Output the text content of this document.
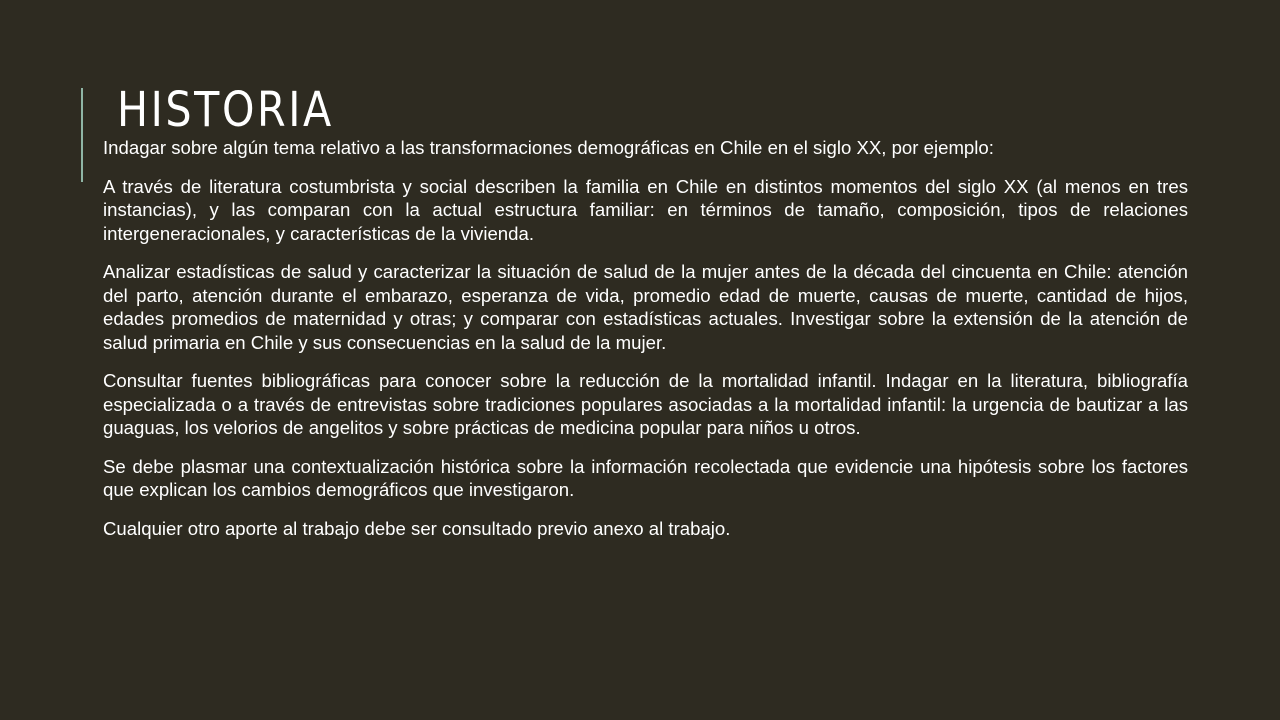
HISTORIA

Indagar sobre algún tema relativo a las transformaciones demográficas en Chile en el siglo XX, por ejemplo:

A través de literatura costumbrista y social describen la familia en Chile en distintos momentos del siglo XX (al menos en tres instancias), y las comparan con la actual estructura familiar: en términos de tamaño, composición, tipos de relaciones intergeneracionales, y características de la vivienda.

Analizar estadísticas de salud y caracterizar la situación de salud de la mujer antes de la década del cincuenta en Chile: atención del parto, atención durante el embarazo, esperanza de vida, promedio edad de muerte, causas de muerte, cantidad de hijos, edades promedios de maternidad y otras; y comparar con estadísticas actuales. Investigar sobre la extensión de la atención de salud primaria en Chile y sus consecuencias en la salud de la mujer.

Consultar fuentes bibliográficas para conocer sobre la reducción de la mortalidad infantil. Indagar en la literatura, bibliografía especializada o a través de entrevistas sobre tradiciones populares asociadas a la mortalidad infantil: la urgencia de bautizar a las guaguas, los velorios de angelitos y sobre prácticas de medicina popular para niños u otros.

Se debe plasmar una contextualización histórica sobre la información recolectada que evidencie una hipótesis sobre los factores que explican los cambios demográficos que investigaron.

Cualquier otro aporte al trabajo debe ser consultado previo anexo al trabajo.
